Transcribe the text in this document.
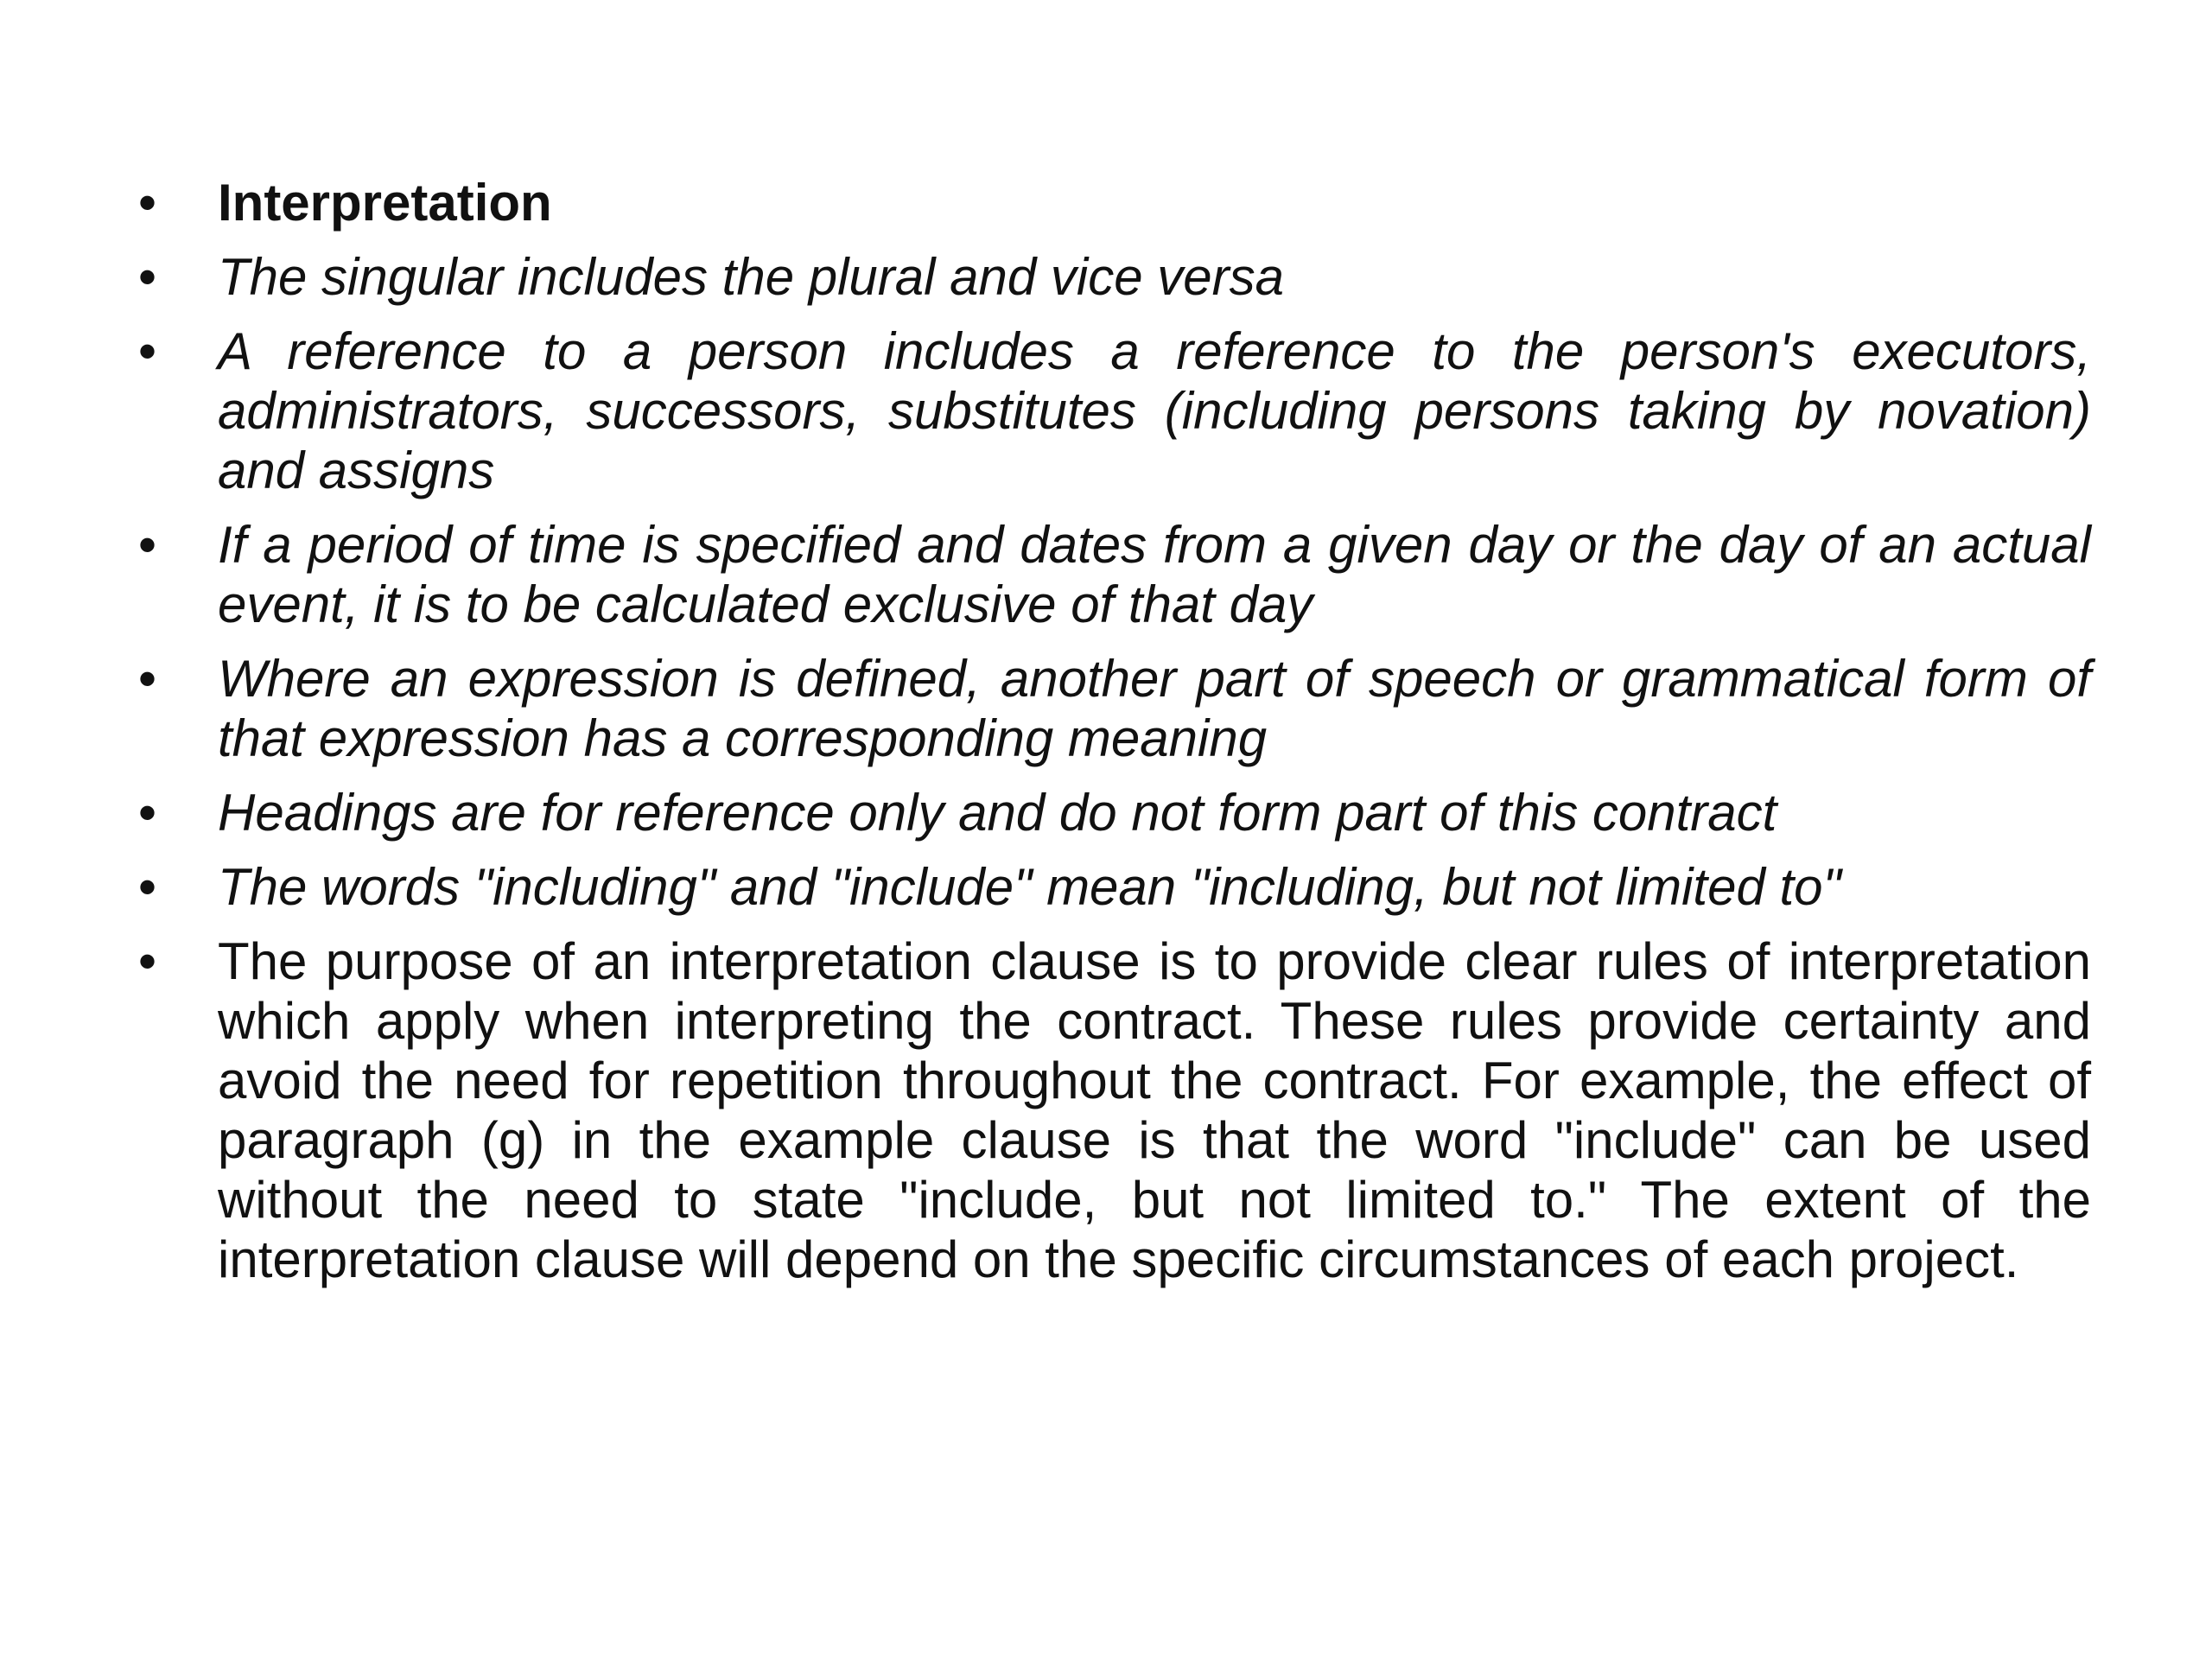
• Interpretation
• The singular includes the plural and vice versa
• A reference to a person includes a reference to the person's executors, administrators, successors, substitutes (including persons taking by novation) and assigns
• If a period of time is specified and dates from a given day or the day of an actual event, it is to be calculated exclusive of that day
• Where an expression is defined, another part of speech or grammatical form of that expression has a corresponding meaning
• Headings are for reference only and do not form part of this contract
• The words "including" and "include" mean "including, but not limited to"
• The purpose of an interpretation clause is to provide clear rules of interpretation which apply when interpreting the contract. These rules provide certainty and avoid the need for repetition throughout the contract. For example, the effect of paragraph (g) in the example clause is that the word "include" can be used without the need to state "include, but not limited to." The extent of the interpretation clause will depend on the specific circumstances of each project.
